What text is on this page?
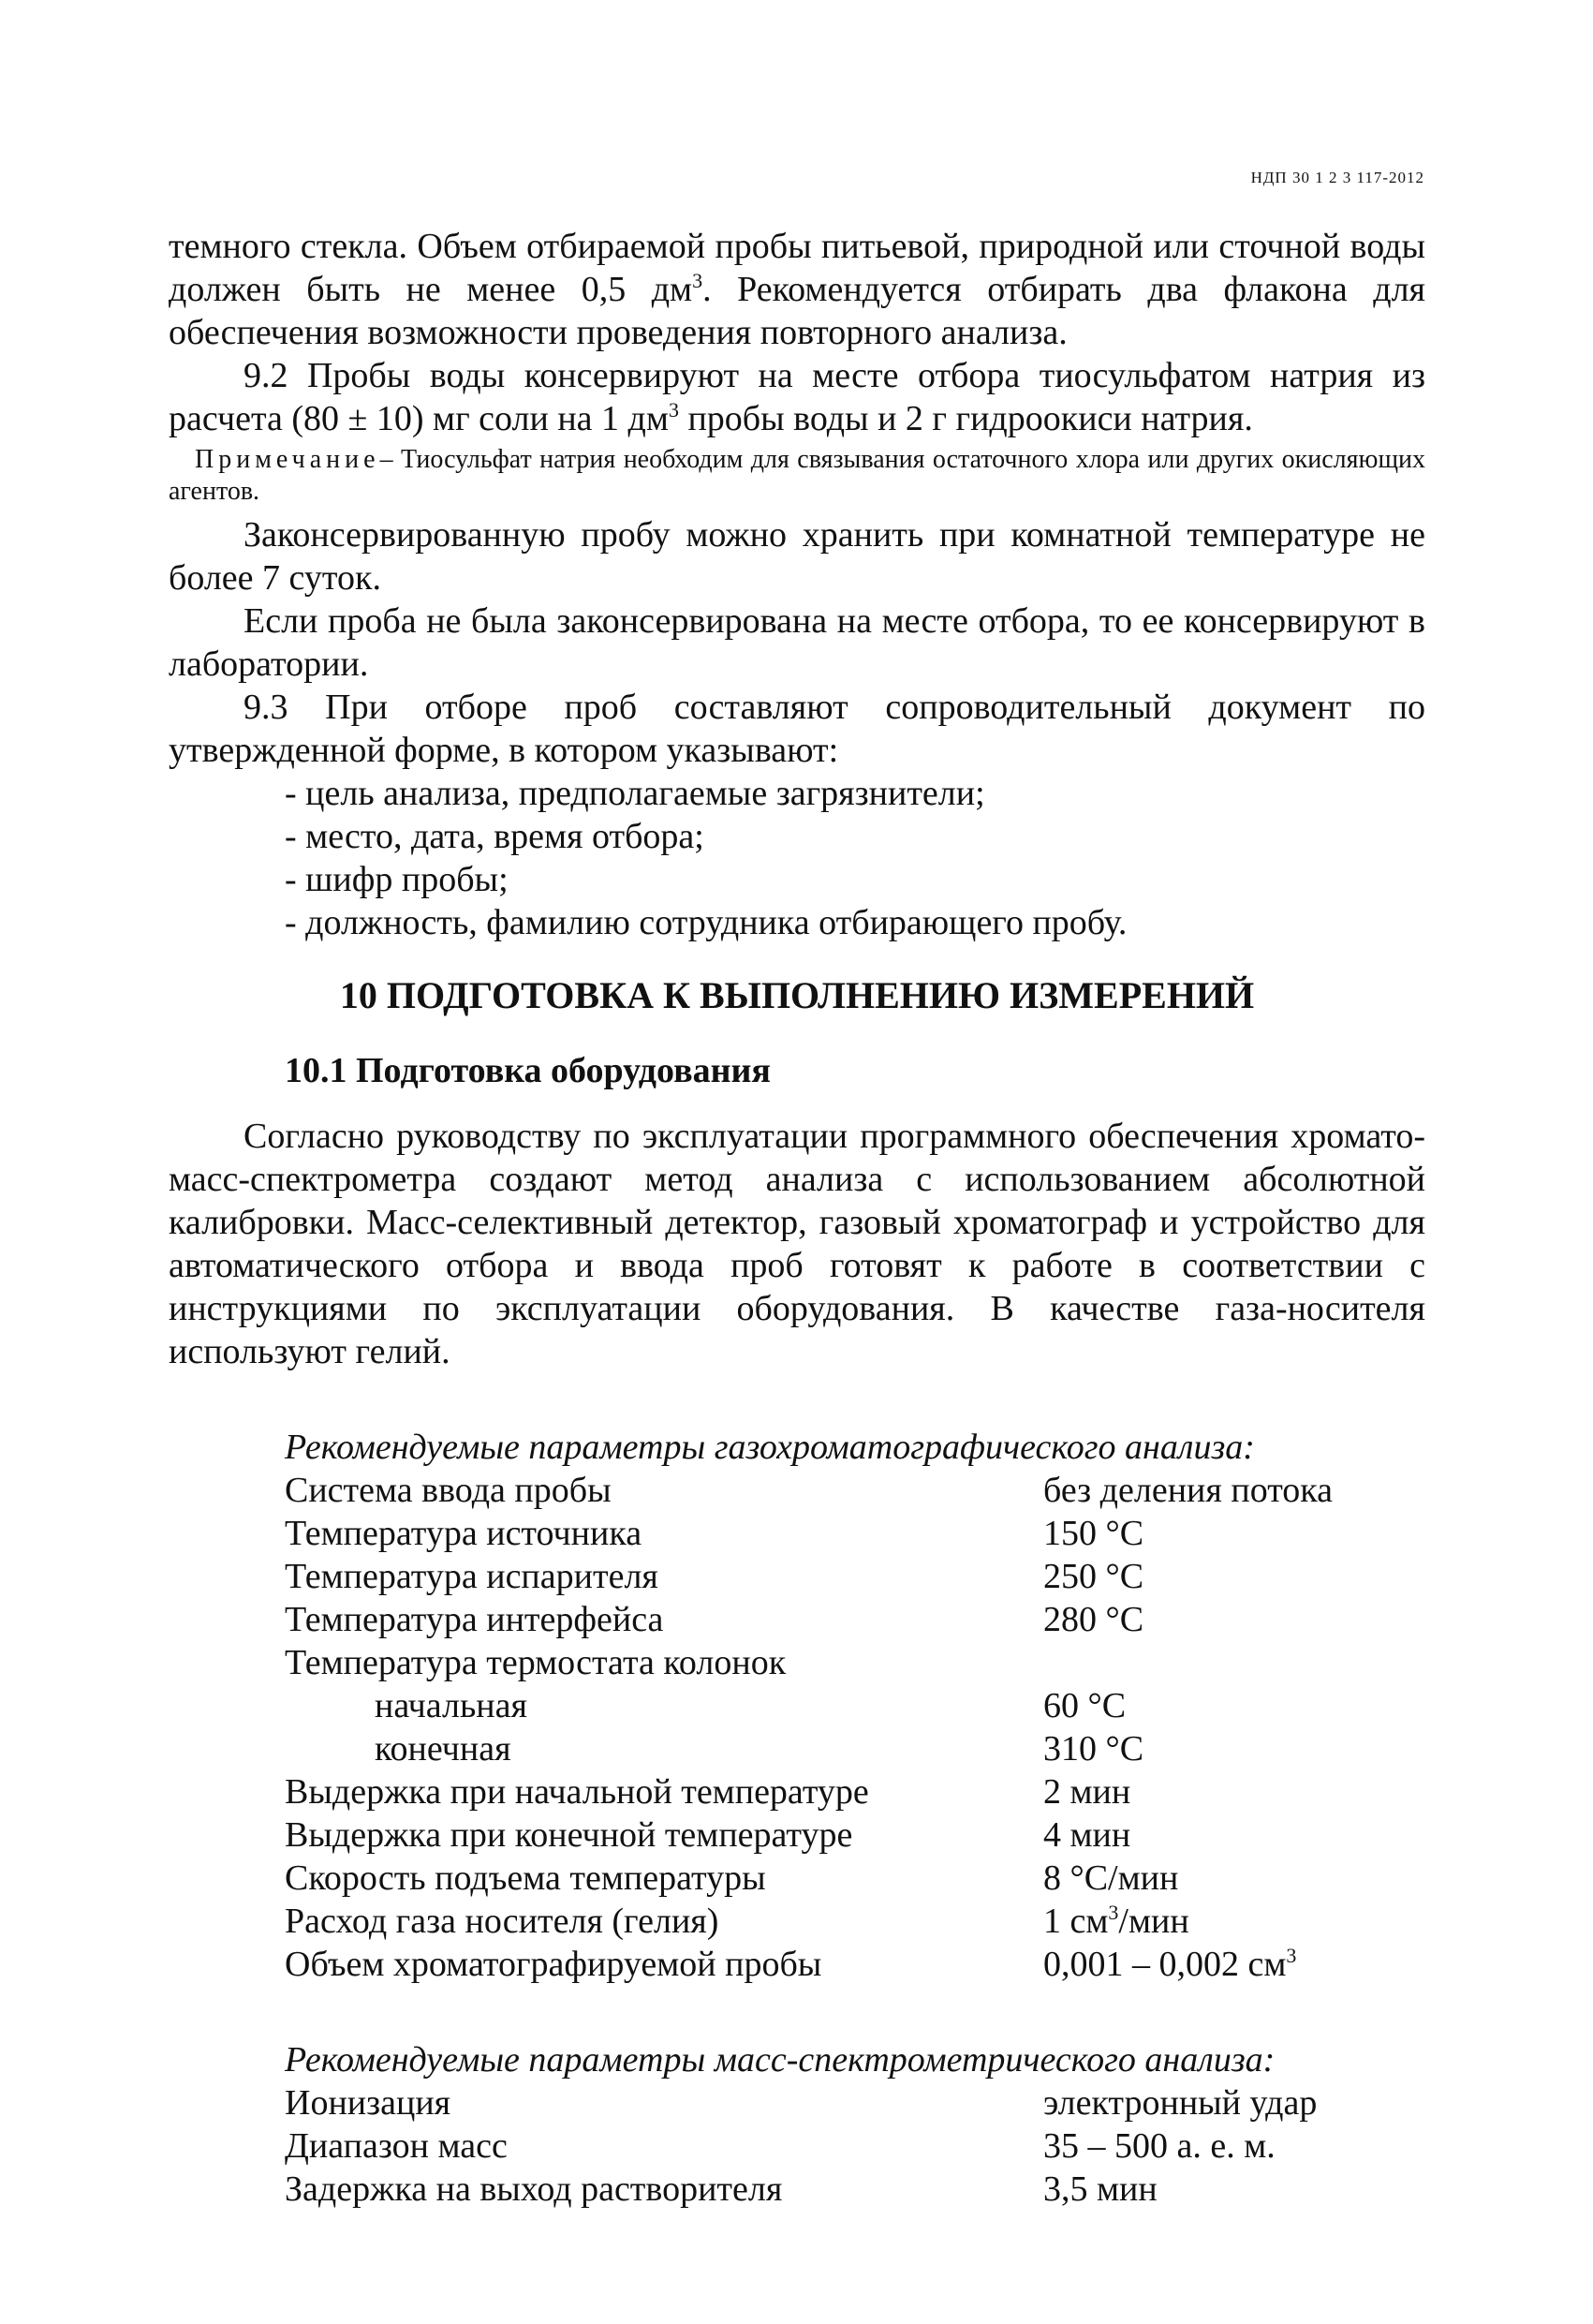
НДП 30 1 2 3 117-2012

темного стекла. Объем отбираемой пробы питьевой, природной или сточной воды должен быть не менее 0,5 $дм^3$. Рекомендуется отбирать два флакона для обеспечения возможности проведения повторного анализа.

9.2 Пробы воды консервируют на месте отбора тиосульфатом натрия из расчета (80 ± 10) мг соли на 1 $дм^3$ пробы воды и 2 г гидроокиси натрия.

Примечание– Тиосульфат натрия необходим для связывания остаточного хлора или других окисляющих агентов.

Законсервированную пробу можно хранить при комнатной температуре не более 7 суток.

Если проба не была законсервирована на месте отбора, то ее консервируют в лаборатории.

9.3 При отборе проб составляют сопроводительный документ по утвержденной форме, в котором указывают:

- цель анализа, предполагаемые загрязнители;

- место, дата, время отбора;

- шифр пробы;

- должность, фамилию сотрудника отбирающего пробу.

10 ПОДГОТОВКА К ВЫПОЛНЕНИЮ ИЗМЕРЕНИЙ

10.1 Подготовка оборудования

Согласно руководству по эксплуатации программного обеспечения хромато-масс-спектрометра создают метод анализа с использованием абсолютной калибровки. Масс-селективный детектор, газовый хроматограф и устройство для автоматического отбора и ввода проб готовят к работе в соответствии с инструкциями по эксплуатации оборудования. В качестве газа-носителя используют гелий.

Рекомендуемые параметры газохроматографического анализа:

Система ввода пробы	без деления потока
Температура источника	150 °С
Температура испарителя	250 °С
Температура интерфейса	280 °С
Температура термостата колонок
начальная	60 °С
конечная	310 °С
Выдержка при начальной температуре	2 мин
Выдержка при конечной температуре	4 мин
Скорость подъема температуры	8 °С/мин
Расход газа носителя (гелия)	1 $см^3$/мин
Объем хроматографируемой пробы	0,001 – 0,002 $см^3$

Рекомендуемые параметры масс-спектрометрического анализа:

Ионизация	электронный удар
Диапазон масс	35 – 500 а. е. м.
Задержка на выход растворителя	3,5 мин
